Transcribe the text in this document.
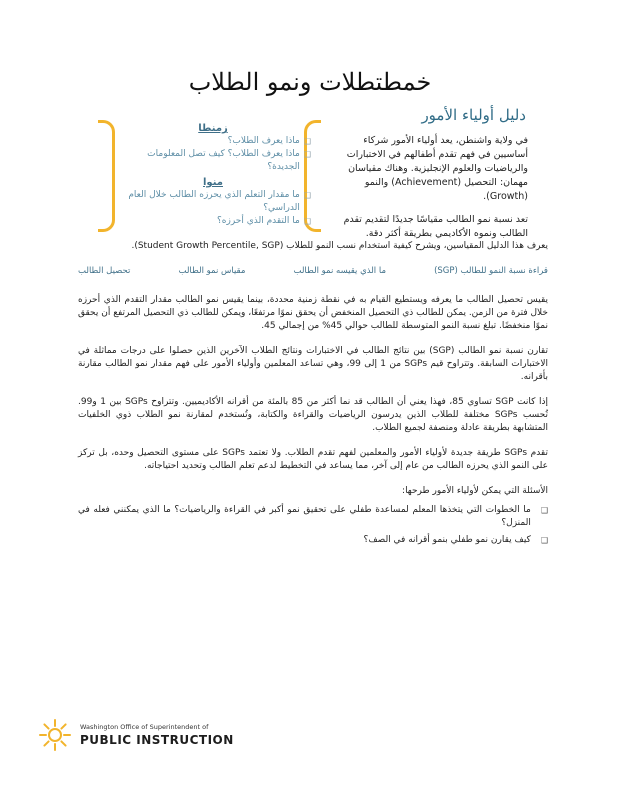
خمطتطلات ونمو الطلاب
دليل أولياء الأمور

في ولاية واشنطن، يعد أولياء الأمور شركاء أساسيين في فهم تقدم أطفالهم في الاختبارات والرياضيات والعلوم الإنجليزية. وهناك مقياسان مهمان: التحصيل (Achievement) والنمو (Growth).

تعد نسبة نمو الطالب مقياسًا جديدًا لتقديم تقدم الطالب ونموه الأكاديمي بطريقة أكثر دقة.

زمنطا

❑
ماذا يعرف الطلاب؟
❑
ماذا يعرف الطلاب؟ كيف تصل المعلومات الجديدة؟

منوا

❑
ما مقدار التعلم الذي يحرزه الطالب خلال العام الدراسي؟
❑
ما التقدم الذي أحرزه؟

يعرف هذا الدليل المقياسين، ويشرح كيفية استخدام نسب النمو للطلاب (Student Growth Percentile, SGP).

قراءة نسبة النمو للطالب (SGP)
ما الذي يقيسه نمو الطالب
مقياس نمو الطالب
تحصيل الطالب

يقيس تحصيل الطالب ما يعرفه ويستطيع القيام به في نقطة زمنية محددة، بينما يقيس نمو الطالب مقدار التقدم الذي أحرزه خلال فترة من الزمن. يمكن للطالب ذي التحصيل المنخفض أن يحقق نموًا مرتفعًا، ويمكن للطالب ذي التحصيل المرتفع أن يحقق نموًا منخفضًا. تبلغ نسبة النمو المتوسطة للطالب حوالي 45% من إجمالي 45.

تقارن نسبة نمو الطالب (SGP) بين نتائج الطالب في الاختبارات ونتائج الطلاب الآخرين الذين حصلوا على درجات مماثلة في الاختبارات السابقة. وتتراوح قيم SGPs من 1 إلى 99، وهي تساعد المعلمين وأولياء الأمور على فهم مقدار نمو الطالب مقارنة بأقرانه.

إذا كانت SGP تساوي 85، فهذا يعني أن الطالب قد نما أكثر من 85 بالمئة من أقرانه الأكاديميين. وتتراوح SGPs بين 1 و99. تُحسب SGPs مختلفة للطلاب الذين يدرسون الرياضيات والقراءة والكتابة، وتُستخدم لمقارنة نمو الطلاب ذوي الخلفيات المتشابهة بطريقة عادلة ومنصفة لجميع الطلاب.

تقدم SGPs طريقة جديدة لأولياء الأمور والمعلمين لفهم تقدم الطلاب. ولا تعتمد SGPs على مستوى التحصيل وحده، بل تركز على النمو الذي يحرزه الطالب من عام إلى آخر، مما يساعد في التخطيط لدعم تعلم الطالب وتحديد احتياجاته.

الأسئلة التي يمكن لأولياء الأمور طرحها:

❑
ما الخطوات التي يتخذها المعلم لمساعدة طفلي على تحقيق نمو أكبر في القراءة والرياضيات؟ ما الذي يمكنني فعله في المنزل؟
❑
كيف يقارن نمو طفلي بنمو أقرانه في الصف؟
Washington Office of Superintendent of
PUBLIC INSTRUCTION
